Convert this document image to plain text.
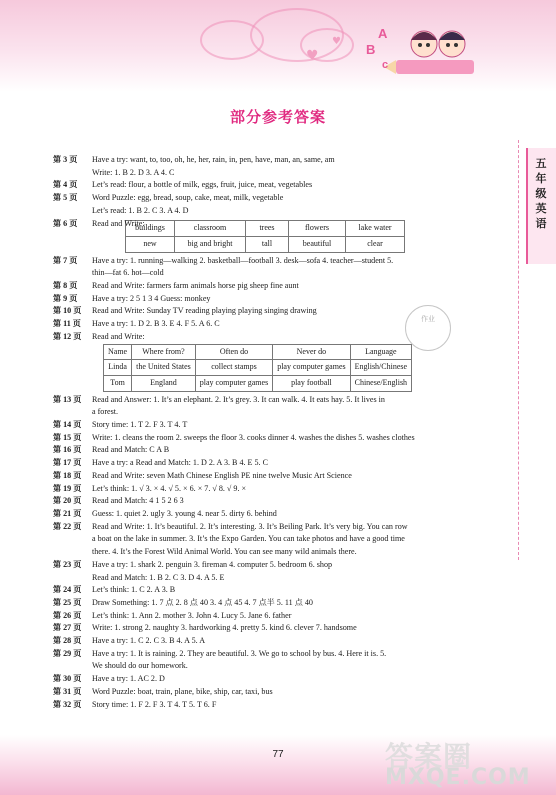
♥
♥
B
A
c
部分参考答案
五
年
级
英
语
第 3 页 Have a try: want, to, too, oh, he, her, rain, in, pen, have, man, an, same, am
Write: 1. B 2. D 3. A 4. C
第 4 页 Let’s read: flour, a bottle of milk, eggs, fruit, juice, meat, vegetables
第 5 页 Word Puzzle: egg, bread, soup, cake, meat, milk, vegetable
Let’s read: 1. B 2. C 3. A 4. D
第 6 页 Read and Write:
buildings	classroom	trees	flowers	lake water
new	big and bright	tall	beautiful	clear
第 7 页 Have a try: 1. running—walking 2. basketball—football 3. desk—sofa 4. teacher—student 5.
thin—fat 6. hot—cold
第 8 页 Read and Write: farmers farm animals horse pig sheep fine aunt
第 9 页 Have a try: 2 5 1 3 4 Guess: monkey
第 10 页 Read and Write: Sunday TV reading playing playing singing drawing
第 11 页 Have a try: 1. D 2. B 3. E 4. F 5. A 6. C
第 12 页 Read and Write:
Name	Where from?	Often do	Never do	Language
Linda	the United States	collect stamps	play computer games	English/Chinese
Tom	England	play computer games	play football	Chinese/English
第 13 页 Read and Answer: 1. It’s an elephant. 2. It’s grey. 3. It can walk. 4. It eats hay. 5. It lives in
a forest.
第 14 页 Story time: 1. T 2. F 3. T 4. T
第 15 页 Write: 1. cleans the room 2. sweeps the floor 3. cooks dinner 4. washes the dishes 5. washes clothes
第 16 页 Read and Match: C A B
第 17 页 Have a try: a Read and Match: 1. D 2. A 3. B 4. E 5. C
第 18 页 Read and Write: seven Math Chinese English PE nine twelve Music Art Science
第 19 页 Let’s think: 1. √ 3. × 4. √ 5. × 6. × 7. √ 8. √ 9. ×
第 20 页 Read and Match: 4 1 5 2 6 3
第 21 页 Guess: 1. quiet 2. ugly 3. young 4. near 5. dirty 6. behind
第 22 页 Read and Write: 1. It’s beautiful. 2. It’s interesting. 3. It’s Beiling Park. It’s very big. You can row
a boat on the lake in summer. 3. It’s the Expo Garden. You can take photos and have a good time
there. 4. It’s the Forest Wild Animal World. You can see many wild animals there.
第 23 页 Have a try: 1. shark 2. penguin 3. fireman 4. computer 5. bedroom 6. shop
Read and Match: 1. B 2. C 3. D 4. A 5. E
第 24 页 Let’s think: 1. C 2. A 3. B
第 25 页 Draw Something: 1. 7 点 2. 8 点 40 3. 4 点 45 4. 7 点半 5. 11 点 40
第 26 页 Let’s think: 1. Ann 2. mother 3. John 4. Lucy 5. Jane 6. father
第 27 页 Write: 1. strong 2. naughty 3. hardworking 4. pretty 5. kind 6. clever 7. handsome
第 28 页 Have a try: 1. C 2. C 3. B 4. A 5. A
第 29 页 Have a try: 1. It is raining. 2. They are beautiful. 3. We go to school by bus. 4. Here it is. 5.
We should do our homework.
第 30 页 Have a try: 1. AC 2. D
第 31 页 Word Puzzle: boat, train, plane, bike, ship, car, taxi, bus
第 32 页 Story time: 1. F 2. F 3. T 4. T 5. T 6. F
作业
77	答案圈
MXQE.COM
